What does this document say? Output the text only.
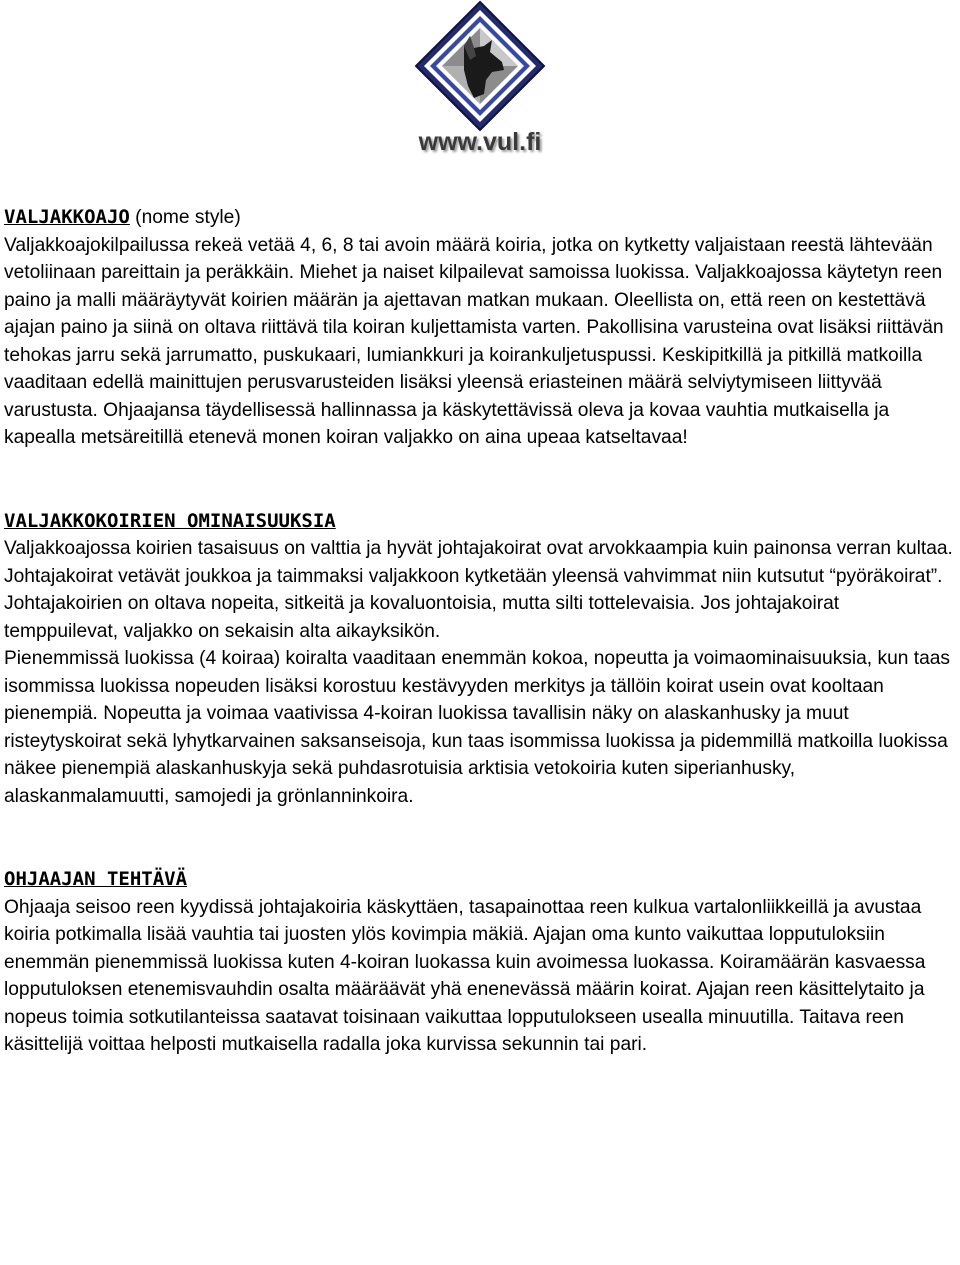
www.vul.fi

VALJAKKOAJO (nome style)

Valjakkoajokilpailussa rekeä vetää 4, 6, 8 tai avoin määrä koiria, jotka on kytketty valjaistaan reestä lähtevään vetoliinaan pareittain ja peräkkäin. Miehet ja naiset kilpailevat samoissa luokissa. Valjakkoajossa käytetyn reen paino ja malli määräytyvät koirien määrän ja ajettavan matkan mukaan. Oleellista on, että reen on kestettävä ajajan paino ja siinä on oltava riittävä tila koiran kuljettamista varten. Pakollisina varusteina ovat lisäksi riittävän tehokas jarru sekä jarrumatto, puskukaari, lumiankkuri ja koirankuljetuspussi. Keskipitkillä ja pitkillä matkoilla vaaditaan edellä mainittujen perusvarusteiden lisäksi yleensä eriasteinen määrä selviytymiseen liittyvää varustusta. Ohjaajansa täydellisessä hallinnassa ja käskytettävissä oleva ja kovaa vauhtia mutkaisella ja kapealla metsäreitillä etenevä monen koiran valjakko on aina upeaa katseltavaa!

VALJAKKOKOIRIEN OMINAISUUKSIA

Valjakkoajossa koirien tasaisuus on valttia ja hyvät johtajakoirat ovat arvokkaampia kuin painonsa verran kultaa. Johtajakoirat vetävät joukkoa ja taimmaksi valjakkoon kytketään yleensä vahvimmat niin kutsutut “pyöräkoirat”. Johtajakoirien on oltava nopeita, sitkeitä ja kovaluontoisia, mutta silti tottelevaisia. Jos johtajakoirat temppuilevat, valjakko on sekaisin alta aikayksikön.

Pienemmissä luokissa (4 koiraa) koiralta vaaditaan enemmän kokoa, nopeutta ja voimaominaisuuksia, kun taas isommissa luokissa nopeuden lisäksi korostuu kestävyyden merkitys ja tällöin koirat usein ovat kooltaan pienempiä. Nopeutta ja voimaa vaativissa 4-koiran luokissa tavallisin näky on alaskanhusky ja muut risteytyskoirat sekä lyhytkarvainen saksanseisoja, kun taas isommissa luokissa ja pidemmillä matkoilla luokissa näkee pienempiä alaskanhuskyja sekä puhdasrotuisia arktisia vetokoiria kuten siperianhusky, alaskanmalamuutti, samojedi ja grönlanninkoira.

OHJAAJAN TEHTÄVÄ

Ohjaaja seisoo reen kyydissä johtajakoiria käskyttäen, tasapainottaa reen kulkua vartalonliikkeillä ja avustaa koiria potkimalla lisää vauhtia tai juosten ylös kovimpia mäkiä. Ajajan oma kunto vaikuttaa lopputuloksiin enemmän pienemmissä luokissa kuten 4-koiran luokassa kuin avoimessa luokassa. Koiramäärän kasvaessa lopputuloksen etenemisvauhdin osalta määräävät yhä enenevässä määrin koirat. Ajajan reen käsittelytaito ja nopeus toimia sotkutilanteissa saatavat toisinaan vaikuttaa lopputulokseen usealla minuutilla. Taitava reen käsittelijä voittaa helposti mutkaisella radalla joka kurvissa sekunnin tai pari.
